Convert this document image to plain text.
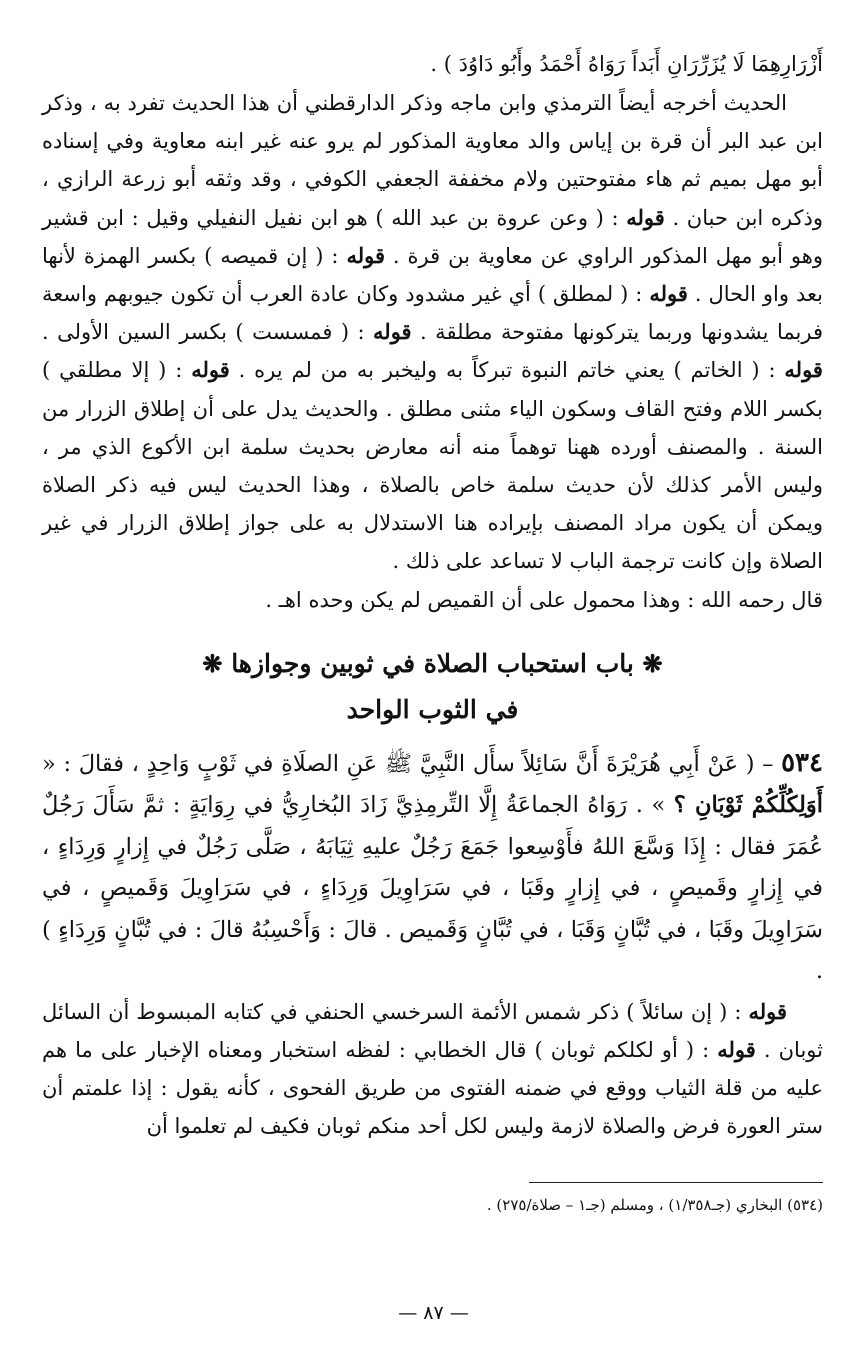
أَزْرَارِهِمَا لَا يُزَرِّرَانِ أَبَداً رَوَاهُ أَحْمَدُ وأَبُو دَاوُدَ ) .

الحديث أخرجه أيضاً الترمذي وابن ماجه وذكر الدارقطني أن هذا الحديث تفرد به ، وذكر ابن عبد البر أن قرة بن إياس والد معاوية المذكور لم يرو عنه غير ابنه معاوية وفي إسناده أبو مهل بميم ثم هاء مفتوحتين ولام مخففة الجعفي الكوفي ، وقد وثقه أبو زرعة الرازي ، وذكره ابن حبان . قوله : ( وعن عروة بن عبد الله ) هو ابن نفيل النفيلي وقيل : ابن قشير وهو أبو مهل المذكور الراوي عن معاوية بن قرة . قوله : ( إن قميصه ) بكسر الهمزة لأنها بعد واو الحال . قوله : ( لمطلق ) أي غير مشدود وكان عادة العرب أن تكون جيوبهم واسعة فربما يشدونها وربما يتركونها مفتوحة مطلقة . قوله : ( فمسست ) بكسر السين الأولى . قوله : ( الخاتم ) يعني خاتم النبوة تبركاً به وليخبر به من لم يره . قوله : ( إلا مطلقي ) بكسر اللام وفتح القاف وسكون الياء مثنى مطلق . والحديث يدل على أن إطلاق الزرار من السنة . والمصنف أورده ههنا توهماً منه أنه معارض بحديث سلمة ابن الأكوع الذي مر ، وليس الأمر كذلك لأن حديث سلمة خاص بالصلاة ، وهذا الحديث ليس فيه ذكر الصلاة ويمكن أن يكون مراد المصنف بإيراده هنا الاستدلال به على جواز إطلاق الزرار في غير الصلاة وإن كانت ترجمة الباب لا تساعد على ذلك .

قال رحمه الله : وهذا محمول على أن القميص لم يكن وحده اهـ .

❋ باب استحباب الصلاة في ثوبين وجوازها ❋
في الثوب الواحد

٥٣٤ – ( عَنْ أَبِي هُرَيْرَةَ أَنَّ سَائِلاً سأَل النَّبِيَّ ﷺ عَنِ الصلَاةِ في ثَوْبٍ وَاحِدٍ ، فقالَ : « أَوَلِكُلِّكُمْ ثَوْبَانِ ؟ » . رَوَاهُ الجماعَةُ إِلَّا التِّرمِذِيَّ زَادَ البُخارِيُّ في رِوَايَةٍ : ثمَّ سَأَلَ رَجُلٌ عُمَرَ فقال : إِذَا وَسَّعَ اللهُ فأَوْسِعوا جَمَعَ رَجُلٌ عليهِ ثِيَابَهُ ، صَلَّى رَجُلٌ في إِزارٍ وَرِدَاءٍ ، في إِزارٍ وقَميصٍ ، في إِزارٍ وقَبَا ، في سَرَاوِيلَ وَرِدَاءٍ ، في سَرَاوِيلَ وَقَميصٍ ، في سَرَاوِيلَ وقَبَا ، في تُبَّانٍ وَقَبَا ، في تُبَّانٍ وَقَميص . قالَ : وَأَحْسِبُهُ قالَ : في تُبَّانٍ وَرِدَاءٍ ) .

قوله : ( إن سائلاً ) ذكر شمس الأئمة السرخسي الحنفي في كتابه المبسوط أن السائل ثوبان . قوله : ( أو لكلكم ثوبان ) قال الخطابي : لفظه استخبار ومعناه الإخبار على ما هم عليه من قلة الثياب ووقع في ضمنه الفتوى من طريق الفحوى ، كأنه يقول : إذا علمتم أن ستر العورة فرض والصلاة لازمة وليس لكل أحد منكم ثوبان فكيف لم تعلموا أن

(٥٣٤) البخاري (جـ١/٣٥٨) ، ومسلم (جـ١ – صلاة/٢٧٥) .

— ٨٧ —
